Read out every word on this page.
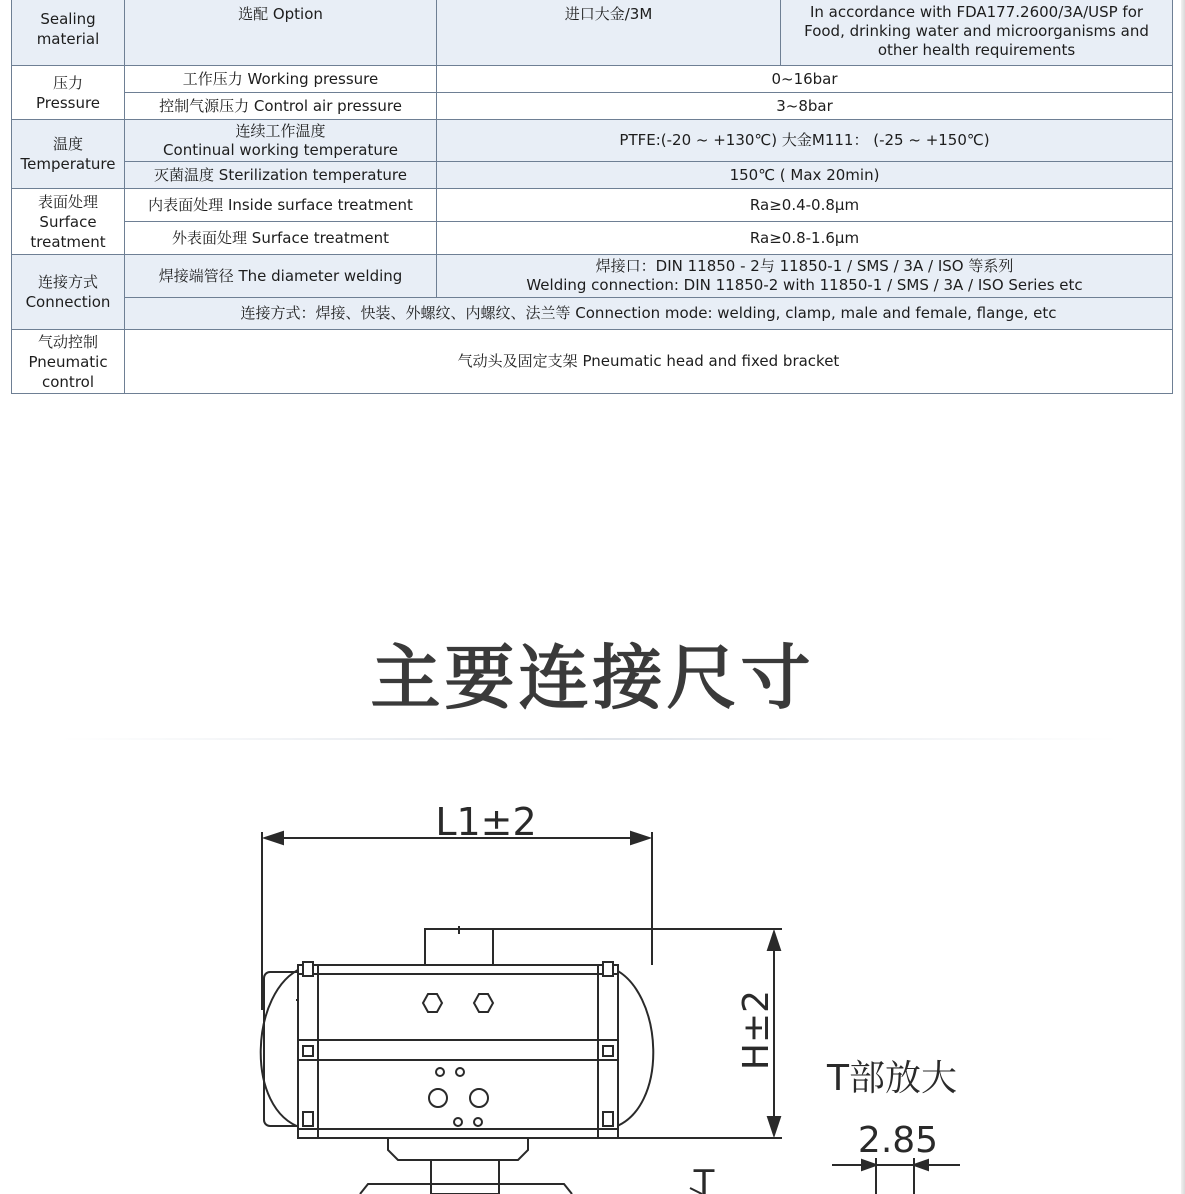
Sealing
material	选配 Option	进口大金/3M	In accordance with FDA177.2600/3A/USP for
Food, drinking water and microorganisms and
other health requirements
压力
Pressure	工作压力 Working pressure	0~16bar	
	控制气源压力 Control air pressure	3~8bar	
温度
Temperature	连续工作温度
Continual working temperature	PTFE:(-20 ~ +130℃) 大金M111： (-25 ~ +150℃)	
	灭菌温度 Sterilization temperature	150℃ ( Max 20min)	
表面处理
Surface
treatment	内表面处理 Inside surface treatment	Ra≥0.4-0.8μm	
	外表面处理 Surface treatment	Ra≥0.8-1.6μm	
连接方式
Connection	焊接端管径 The diameter welding	焊接口：DIN 11850 - 2与 11850-1 / SMS / 3A / ISO 等系列
Welding connection: DIN 11850-2 with 11850-1 / SMS / 3A / ISO Series etc	
	连接方式：焊接、快装、外螺纹、内螺纹、法兰等 Connection mode: welding, clamp, male and female, flange, etc		
气动控制
Pneumatic
control	气动头及固定支架 Pneumatic head and fixed bracket		
主要连接尺寸
L1±2
H±2
T部放大
2.85
T
